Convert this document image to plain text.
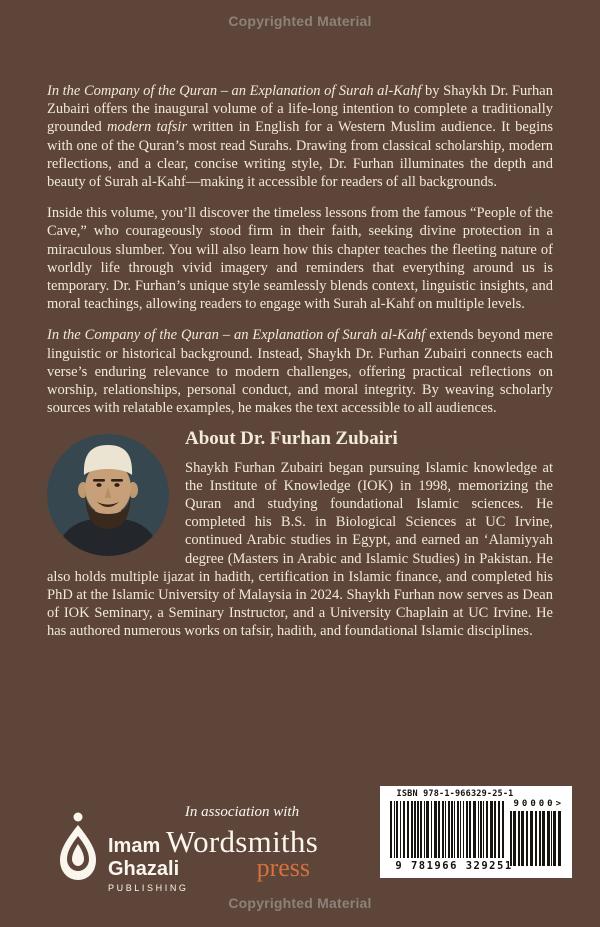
Copyrighted Material

In the Company of the Quran – an Explanation of Surah al-Kahf by Shaykh Dr. Furhan Zubairi offers the inaugural volume of a life-long intention to complete a traditionally grounded modern tafsir written in English for a Western Muslim audience. It begins with one of the Quran’s most read Surahs. Drawing from classical scholarship, modern reflections, and a clear, concise writing style, Dr. Furhan illuminates the depth and beauty of Surah al-Kahf—making it accessible for readers of all backgrounds.

Inside this volume, you’ll discover the timeless lessons from the famous “People of the Cave,” who courageously stood firm in their faith, seeking divine protection in a miraculous slumber. You will also learn how this chapter teaches the fleeting nature of worldly life through vivid imagery and reminders that everything around us is temporary. Dr. Furhan’s unique style seamlessly blends context, linguistic insights, and moral teachings, allowing readers to engage with Surah al-Kahf on multiple levels.

In the Company of the Quran – an Explanation of Surah al-Kahf extends beyond mere linguistic or historical background. Instead, Shaykh Dr. Furhan Zubairi connects each verse’s enduring relevance to modern challenges, offering practical reflections on worship, relationships, personal conduct, and moral integrity. By weaving scholarly sources with relatable examples, he makes the text accessible to all audiences.

About Dr. Furhan Zubairi
Shaykh Furhan Zubairi began pursuing Islamic knowledge at the Institute of Knowledge (IOK) in 1998, memorizing the Quran and studying foundational Islamic sciences. He completed his B.S. in Biological Sciences at UC Irvine, continued Arabic studies in Egypt, and earned an ‘Alamiyyah degree (Masters in Arabic and Islamic Studies) in Pakistan. He also holds multiple ijazat in hadith, certification in Islamic finance, and completed his PhD at the Islamic University of Malaysia in 2024. Shaykh Furhan now serves as Dean of IOK Seminary, a Seminary Instructor, and a University Chaplain at UC Irvine. He has authored numerous works on tafsir, hadith, and foundational Islamic disciplines.
Imam
Ghazali
PUBLISHING
In association with
Wordsmiths
press
ISBN 978-1-966329-25-1
90000>
9 781966 329251
Copyrighted Material
